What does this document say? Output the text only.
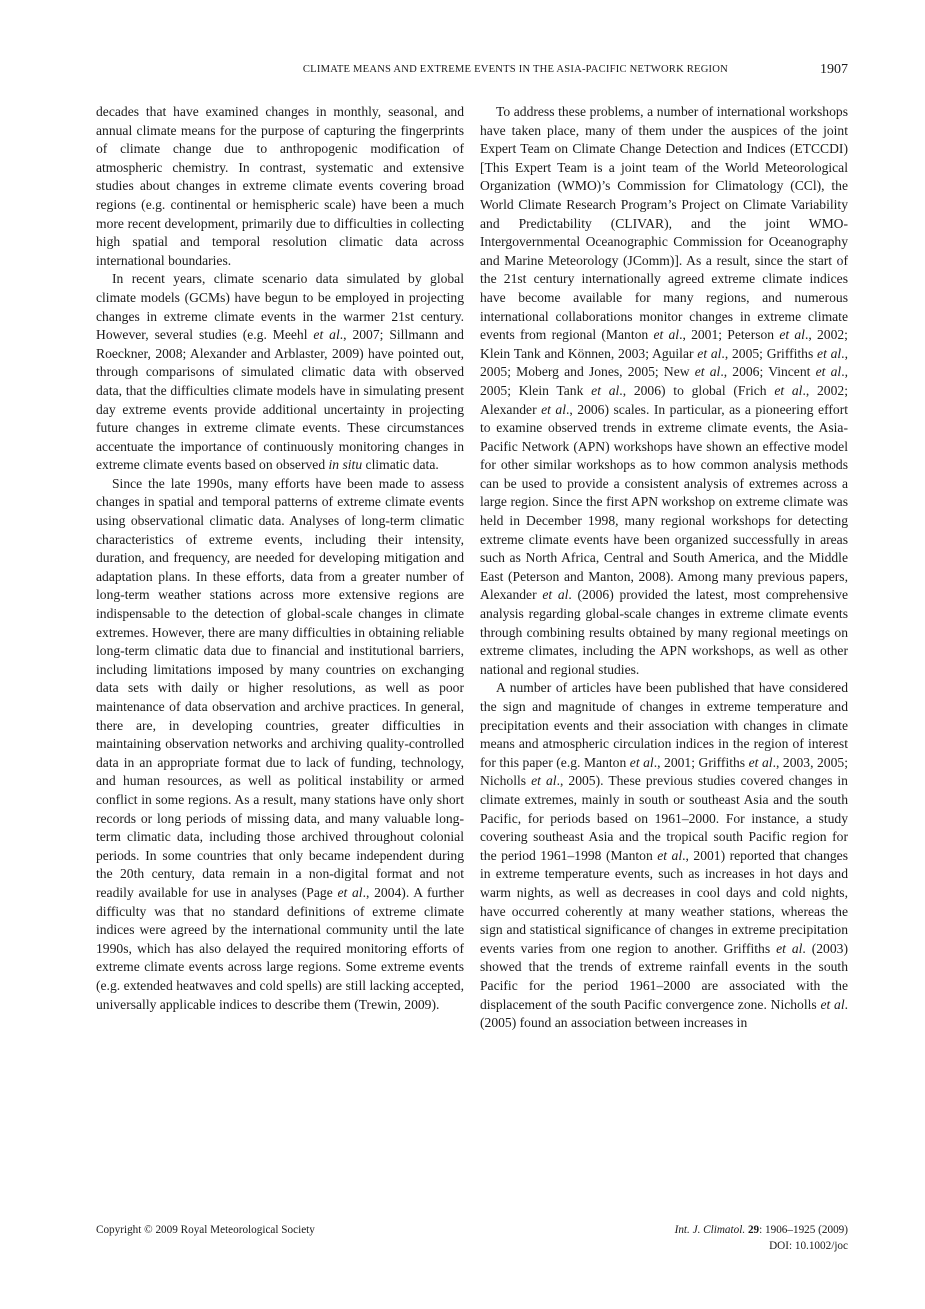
CLIMATE MEANS AND EXTREME EVENTS IN THE ASIA-PACIFIC NETWORK REGION	1907

decades that have examined changes in monthly, seasonal, and annual climate means for the purpose of capturing the fingerprints of climate change due to anthropogenic modification of atmospheric chemistry. In contrast, systematic and extensive studies about changes in extreme climate events covering broad regions (e.g. continental or hemispheric scale) have been a much more recent development, primarily due to difficulties in collecting high spatial and temporal resolution climatic data across international boundaries.

In recent years, climate scenario data simulated by global climate models (GCMs) have begun to be employed in projecting changes in extreme climate events in the warmer 21st century. However, several studies (e.g. Meehl et al., 2007; Sillmann and Roeckner, 2008; Alexander and Arblaster, 2009) have pointed out, through comparisons of simulated climatic data with observed data, that the difficulties climate models have in simulating present day extreme events provide additional uncertainty in projecting future changes in extreme climate events. These circumstances accentuate the importance of continuously monitoring changes in extreme climate events based on observed in situ climatic data.

Since the late 1990s, many efforts have been made to assess changes in spatial and temporal patterns of extreme climate events using observational climatic data. Analyses of long-term climatic characteristics of extreme events, including their intensity, duration, and frequency, are needed for developing mitigation and adaptation plans. In these efforts, data from a greater number of long-term weather stations across more extensive regions are indispensable to the detection of global-scale changes in climate extremes. However, there are many difficulties in obtaining reliable long-term climatic data due to financial and institutional barriers, including limitations imposed by many countries on exchanging data sets with daily or higher resolutions, as well as poor maintenance of data observation and archive practices. In general, there are, in developing countries, greater difficulties in maintaining observation networks and archiving quality-controlled data in an appropriate format due to lack of funding, technology, and human resources, as well as political instability or armed conflict in some regions. As a result, many stations have only short records or long periods of missing data, and many valuable long-term climatic data, including those archived throughout colonial periods. In some countries that only became independent during the 20th century, data remain in a non-digital format and not readily available for use in analyses (Page et al., 2004). A further difficulty was that no standard definitions of extreme climate indices were agreed by the international community until the late 1990s, which has also delayed the required monitoring efforts of extreme climate events across large regions. Some extreme events (e.g. extended heatwaves and cold spells) are still lacking accepted, universally applicable indices to describe them (Trewin, 2009).

To address these problems, a number of international workshops have taken place, many of them under the auspices of the joint Expert Team on Climate Change Detection and Indices (ETCCDI) [This Expert Team is a joint team of the World Meteorological Organization (WMO)’s Commission for Climatology (CCl), the World Climate Research Program’s Project on Climate Variability and Predictability (CLIVAR), and the joint WMO-Intergovernmental Oceanographic Commission for Oceanography and Marine Meteorology (JComm)]. As a result, since the start of the 21st century internationally agreed extreme climate indices have become available for many regions, and numerous international collaborations monitor changes in extreme climate events from regional (Manton et al., 2001; Peterson et al., 2002; Klein Tank and Können, 2003; Aguilar et al., 2005; Griffiths et al., 2005; Moberg and Jones, 2005; New et al., 2006; Vincent et al., 2005; Klein Tank et al., 2006) to global (Frich et al., 2002; Alexander et al., 2006) scales. In particular, as a pioneering effort to examine observed trends in extreme climate events, the Asia-Pacific Network (APN) workshops have shown an effective model for other similar workshops as to how common analysis methods can be used to provide a consistent analysis of extremes across a large region. Since the first APN workshop on extreme climate was held in December 1998, many regional workshops for detecting extreme climate events have been organized successfully in areas such as North Africa, Central and South America, and the Middle East (Peterson and Manton, 2008). Among many previous papers, Alexander et al. (2006) provided the latest, most comprehensive analysis regarding global-scale changes in extreme climate events through combining results obtained by many regional meetings on extreme climates, including the APN workshops, as well as other national and regional studies.

A number of articles have been published that have considered the sign and magnitude of changes in extreme temperature and precipitation events and their association with changes in climate means and atmospheric circulation indices in the region of interest for this paper (e.g. Manton et al., 2001; Griffiths et al., 2003, 2005; Nicholls et al., 2005). These previous studies covered changes in climate extremes, mainly in south or southeast Asia and the south Pacific, for periods based on 1961–2000. For instance, a study covering southeast Asia and the tropical south Pacific region for the period 1961–1998 (Manton et al., 2001) reported that changes in extreme temperature events, such as increases in hot days and warm nights, as well as decreases in cool days and cold nights, have occurred coherently at many weather stations, whereas the sign and statistical significance of changes in extreme precipitation events varies from one region to another. Griffiths et al. (2003) showed that the trends of extreme rainfall events in the south Pacific for the period 1961–2000 are associated with the displacement of the south Pacific convergence zone. Nicholls et al. (2005) found an association between increases in

Copyright © 2009 Royal Meteorological Society	Int. J. Climatol. 29: 1906–1925 (2009)
DOI: 10.1002/joc
